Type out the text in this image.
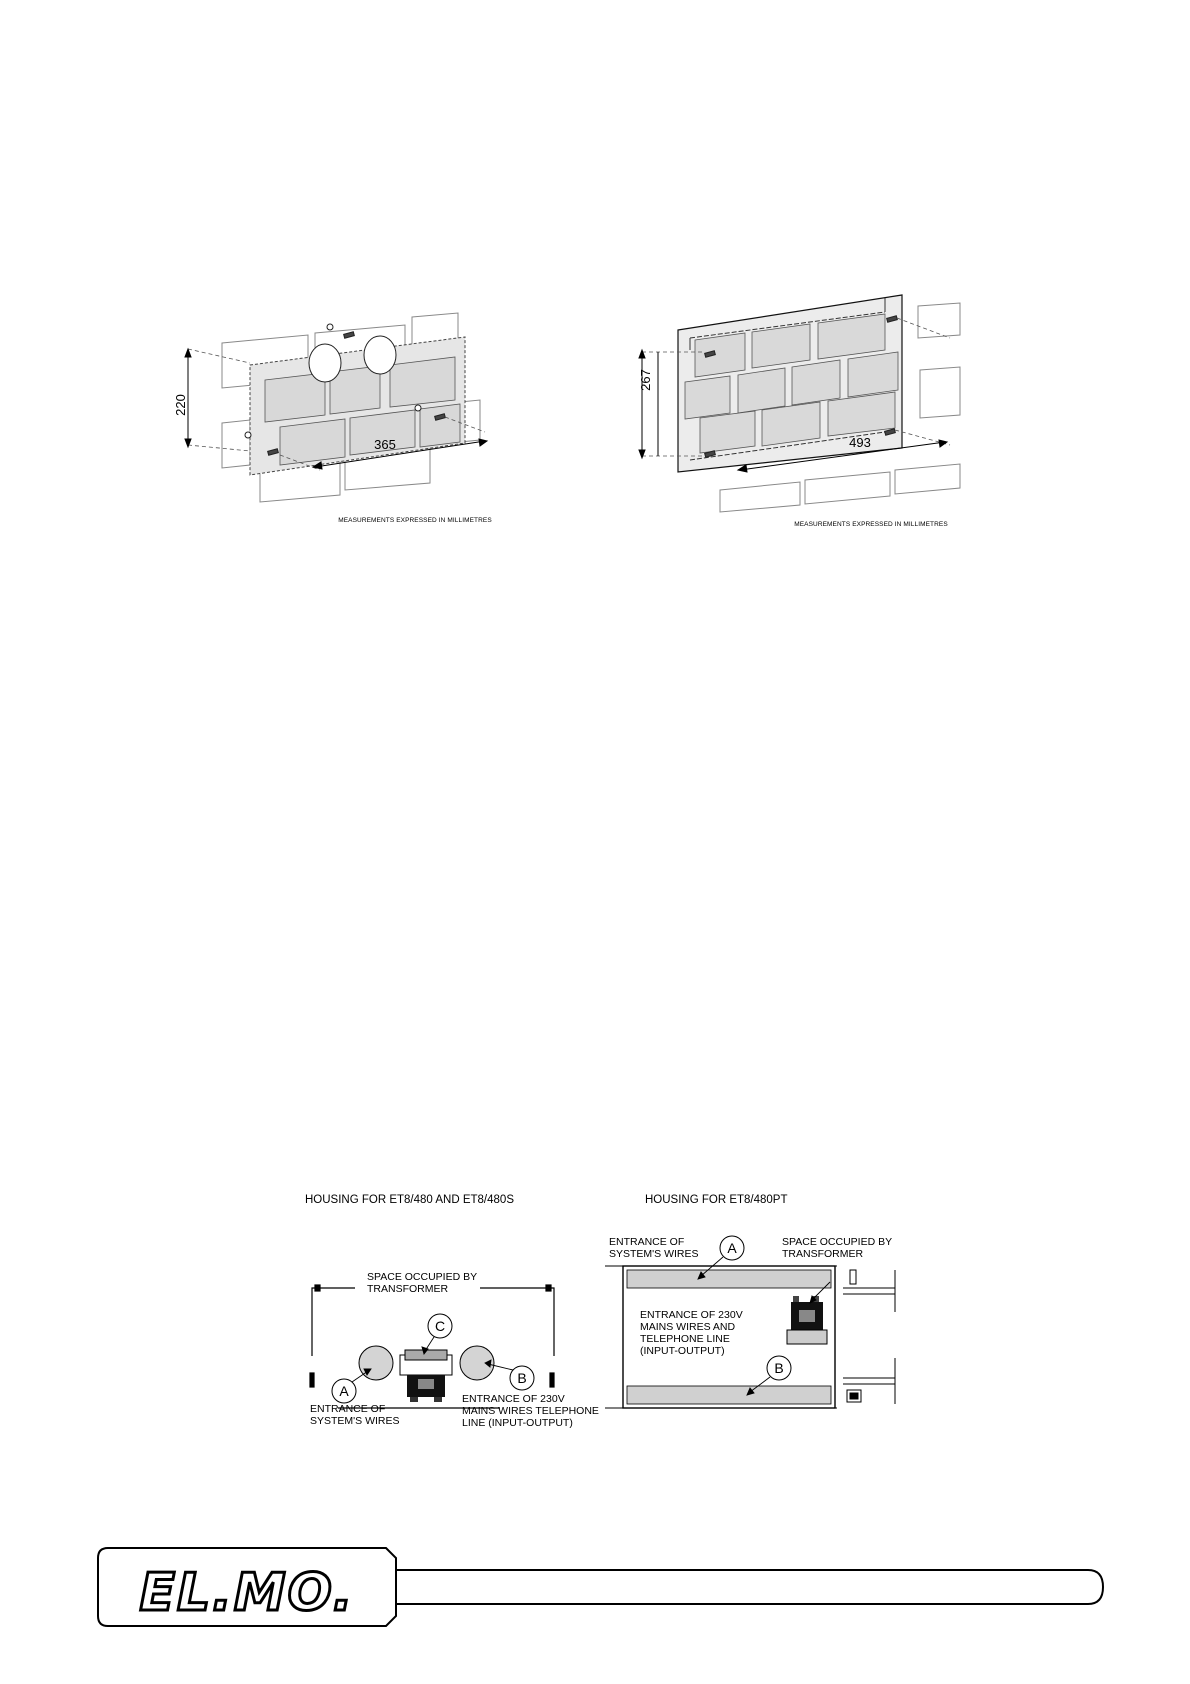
220
365
MEASUREMENTS EXPRESSED IN MILLIMETRES
493
MEASUREMENTS EXPRESSED IN MILLIMETRES
267
HOUSING FOR ET8/480 AND ET8/480S	HOUSING FOR ET8/480PT
C
A
B
SPACE OCCUPIED BY
TRANSFORMER
ENTRANCE OF
SYSTEM'S WIRES
ENTRANCE OF 230V
MAINS WIRES TELEPHONE
LINE (INPUT-OUTPUT)
A
B
ENTRANCE OF
SYSTEM'S WIRES
SPACE OCCUPIED BY
TRANSFORMER
ENTRANCE OF 230V
MAINS WIRES AND
TELEPHONE LINE
(INPUT-OUTPUT)
EL.MO.
